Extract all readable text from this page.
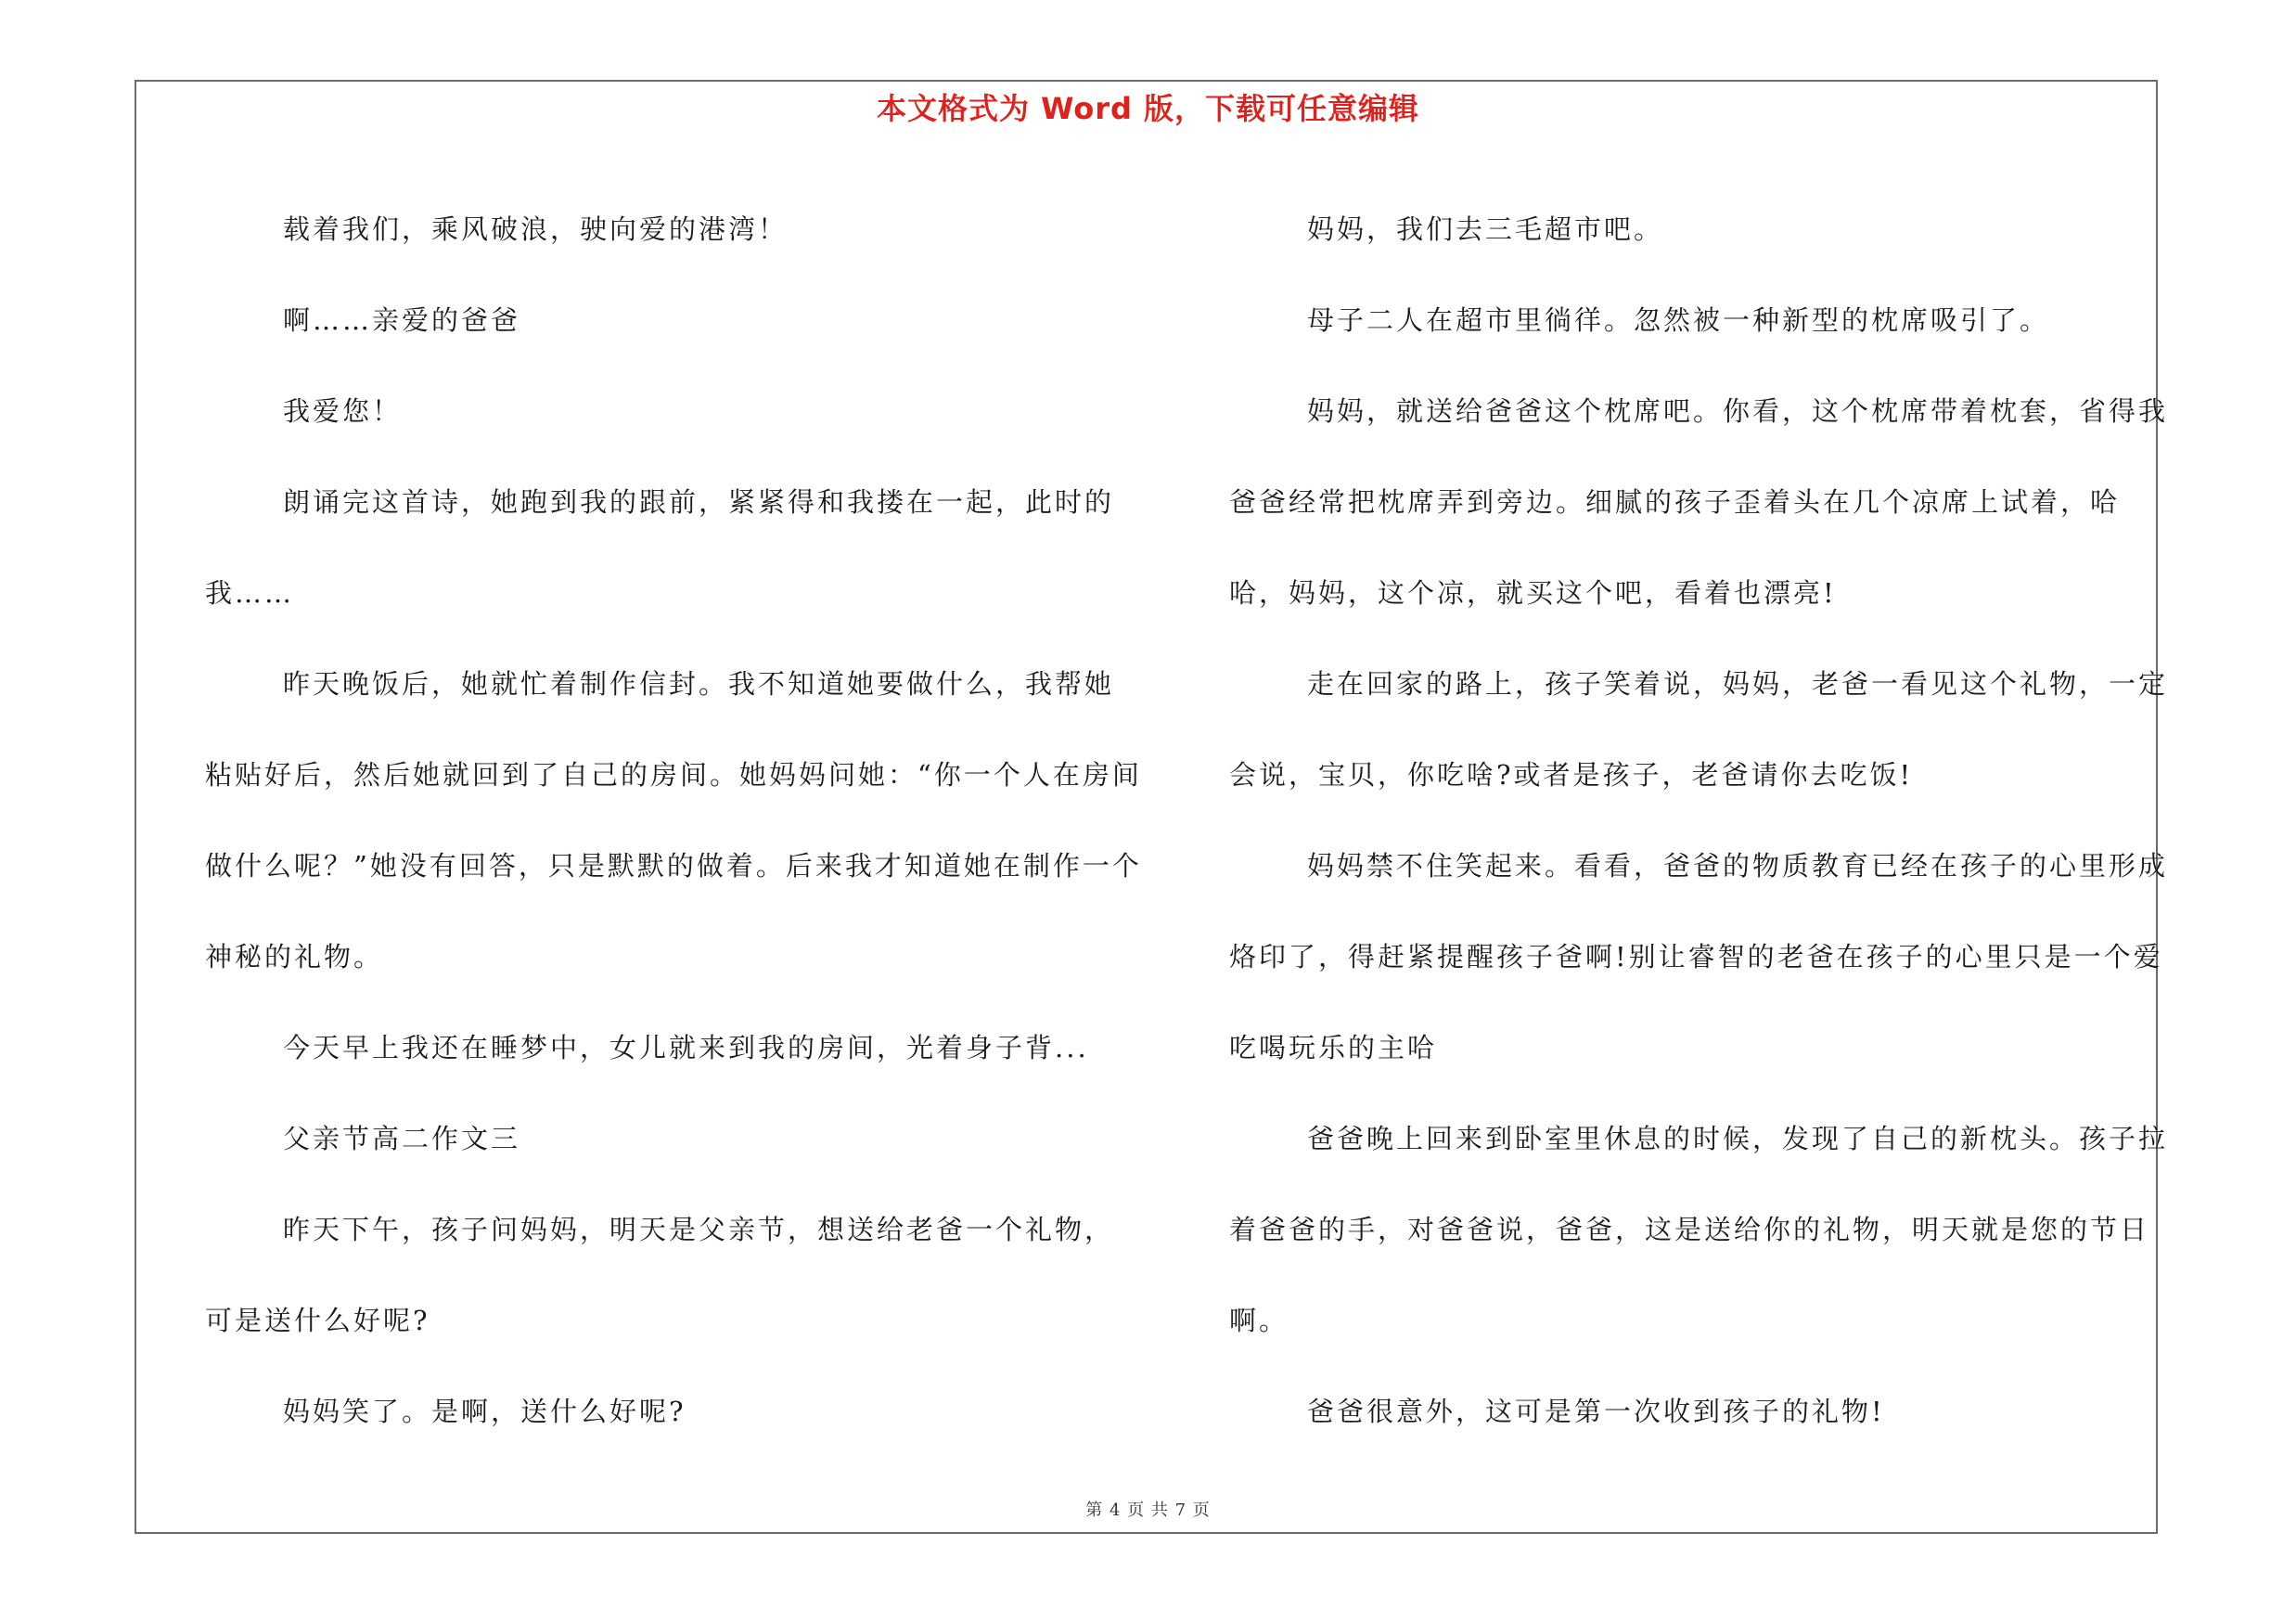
本文格式为 Word 版，下载可任意编辑

载着我们，乘风破浪，驶向爱的港湾！

啊……亲爱的爸爸

我爱您！

朗诵完这首诗，她跑到我的跟前，紧紧得和我搂在一起，此时的我……

昨天晚饭后，她就忙着制作信封。我不知道她要做什么，我帮她粘贴好后，然后她就回到了自己的房间。她妈妈问她：“你一个人在房间做什么呢？”她没有回答，只是默默的做着。后来我才知道她在制作一个神秘的礼物。

今天早上我还在睡梦中，女儿就来到我的房间，光着身子背...

父亲节高二作文三

昨天下午，孩子问妈妈，明天是父亲节，想送给老爸一个礼物，可是送什么好呢?

妈妈笑了。是啊，送什么好呢?

妈妈，我们去三毛超市吧。

母子二人在超市里徜徉。忽然被一种新型的枕席吸引了。

妈妈，就送给爸爸这个枕席吧。你看，这个枕席带着枕套，省得我爸爸经常把枕席弄到旁边。细腻的孩子歪着头在几个凉席上试着，哈哈，妈妈，这个凉，就买这个吧，看着也漂亮!

走在回家的路上，孩子笑着说，妈妈，老爸一看见这个礼物，一定会说，宝贝，你吃啥?或者是孩子，老爸请你去吃饭!

妈妈禁不住笑起来。看看，爸爸的物质教育已经在孩子的心里形成烙印了，得赶紧提醒孩子爸啊!别让睿智的老爸在孩子的心里只是一个爱吃喝玩乐的主哈

爸爸晚上回来到卧室里休息的时候，发现了自己的新枕头。孩子拉着爸爸的手，对爸爸说，爸爸，这是送给你的礼物，明天就是您的节日啊。

爸爸很意外，这可是第一次收到孩子的礼物!

第 4 页 共 7 页
